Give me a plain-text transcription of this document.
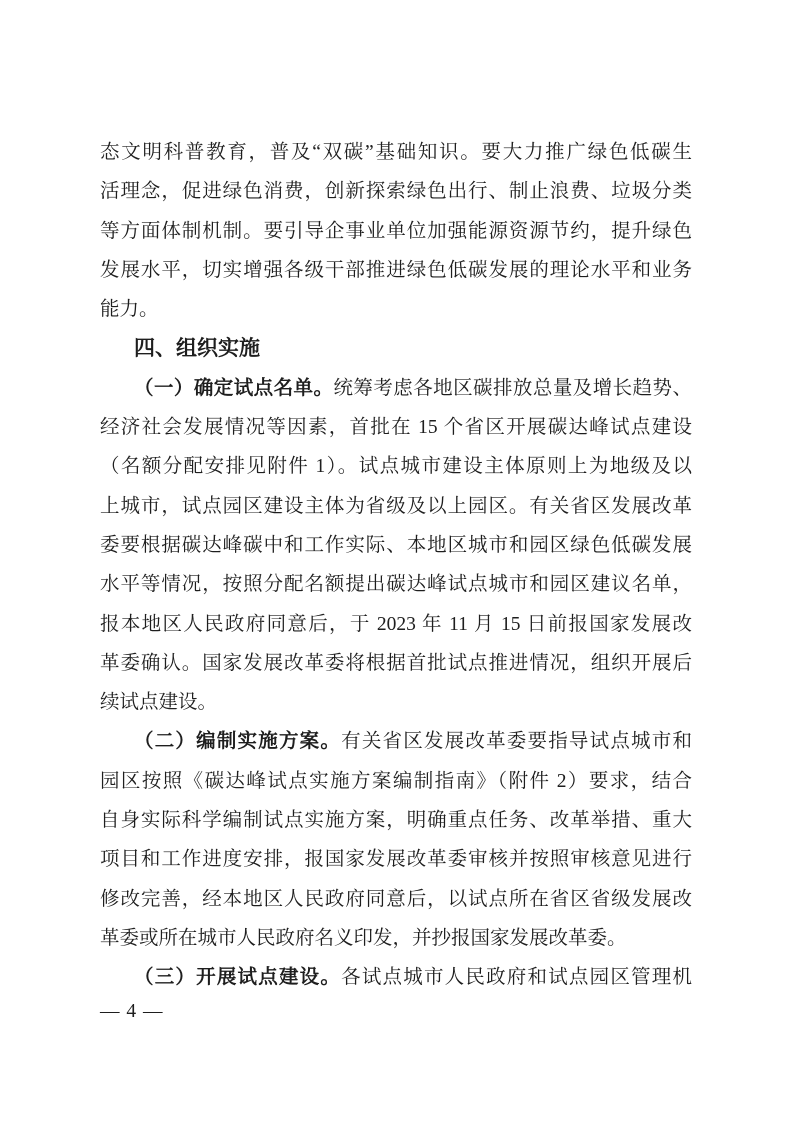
态文明科普教育，普及“双碳”基础知识。要大力推广绿色低碳生
活理念，促进绿色消费，创新探索绿色出行、制止浪费、垃圾分类
等方面体制机制。要引导企事业单位加强能源资源节约，提升绿色
发展水平，切实增强各级干部推进绿色低碳发展的理论水平和业务
能力。
四、组织实施
（一）确定试点名单。统筹考虑各地区碳排放总量及增长趋势、
经济社会发展情况等因素，首批在 15 个省区开展碳达峰试点建设
（名额分配安排见附件 1）。试点城市建设主体原则上为地级及以
上城市，试点园区建设主体为省级及以上园区。有关省区发展改革
委要根据碳达峰碳中和工作实际、本地区城市和园区绿色低碳发展
水平等情况，按照分配名额提出碳达峰试点城市和园区建议名单，
报本地区人民政府同意后，于 2023 年 11 月 15 日前报国家发展改
革委确认。国家发展改革委将根据首批试点推进情况，组织开展后
续试点建设。
（二）编制实施方案。有关省区发展改革委要指导试点城市和
园区按照《碳达峰试点实施方案编制指南》（附件 2）要求，结合
自身实际科学编制试点实施方案，明确重点任务、改革举措、重大
项目和工作进度安排，报国家发展改革委审核并按照审核意见进行
修改完善，经本地区人民政府同意后，以试点所在省区省级发展改
革委或所在城市人民政府名义印发，并抄报国家发展改革委。
（三）开展试点建设。各试点城市人民政府和试点园区管理机
— 4 —
